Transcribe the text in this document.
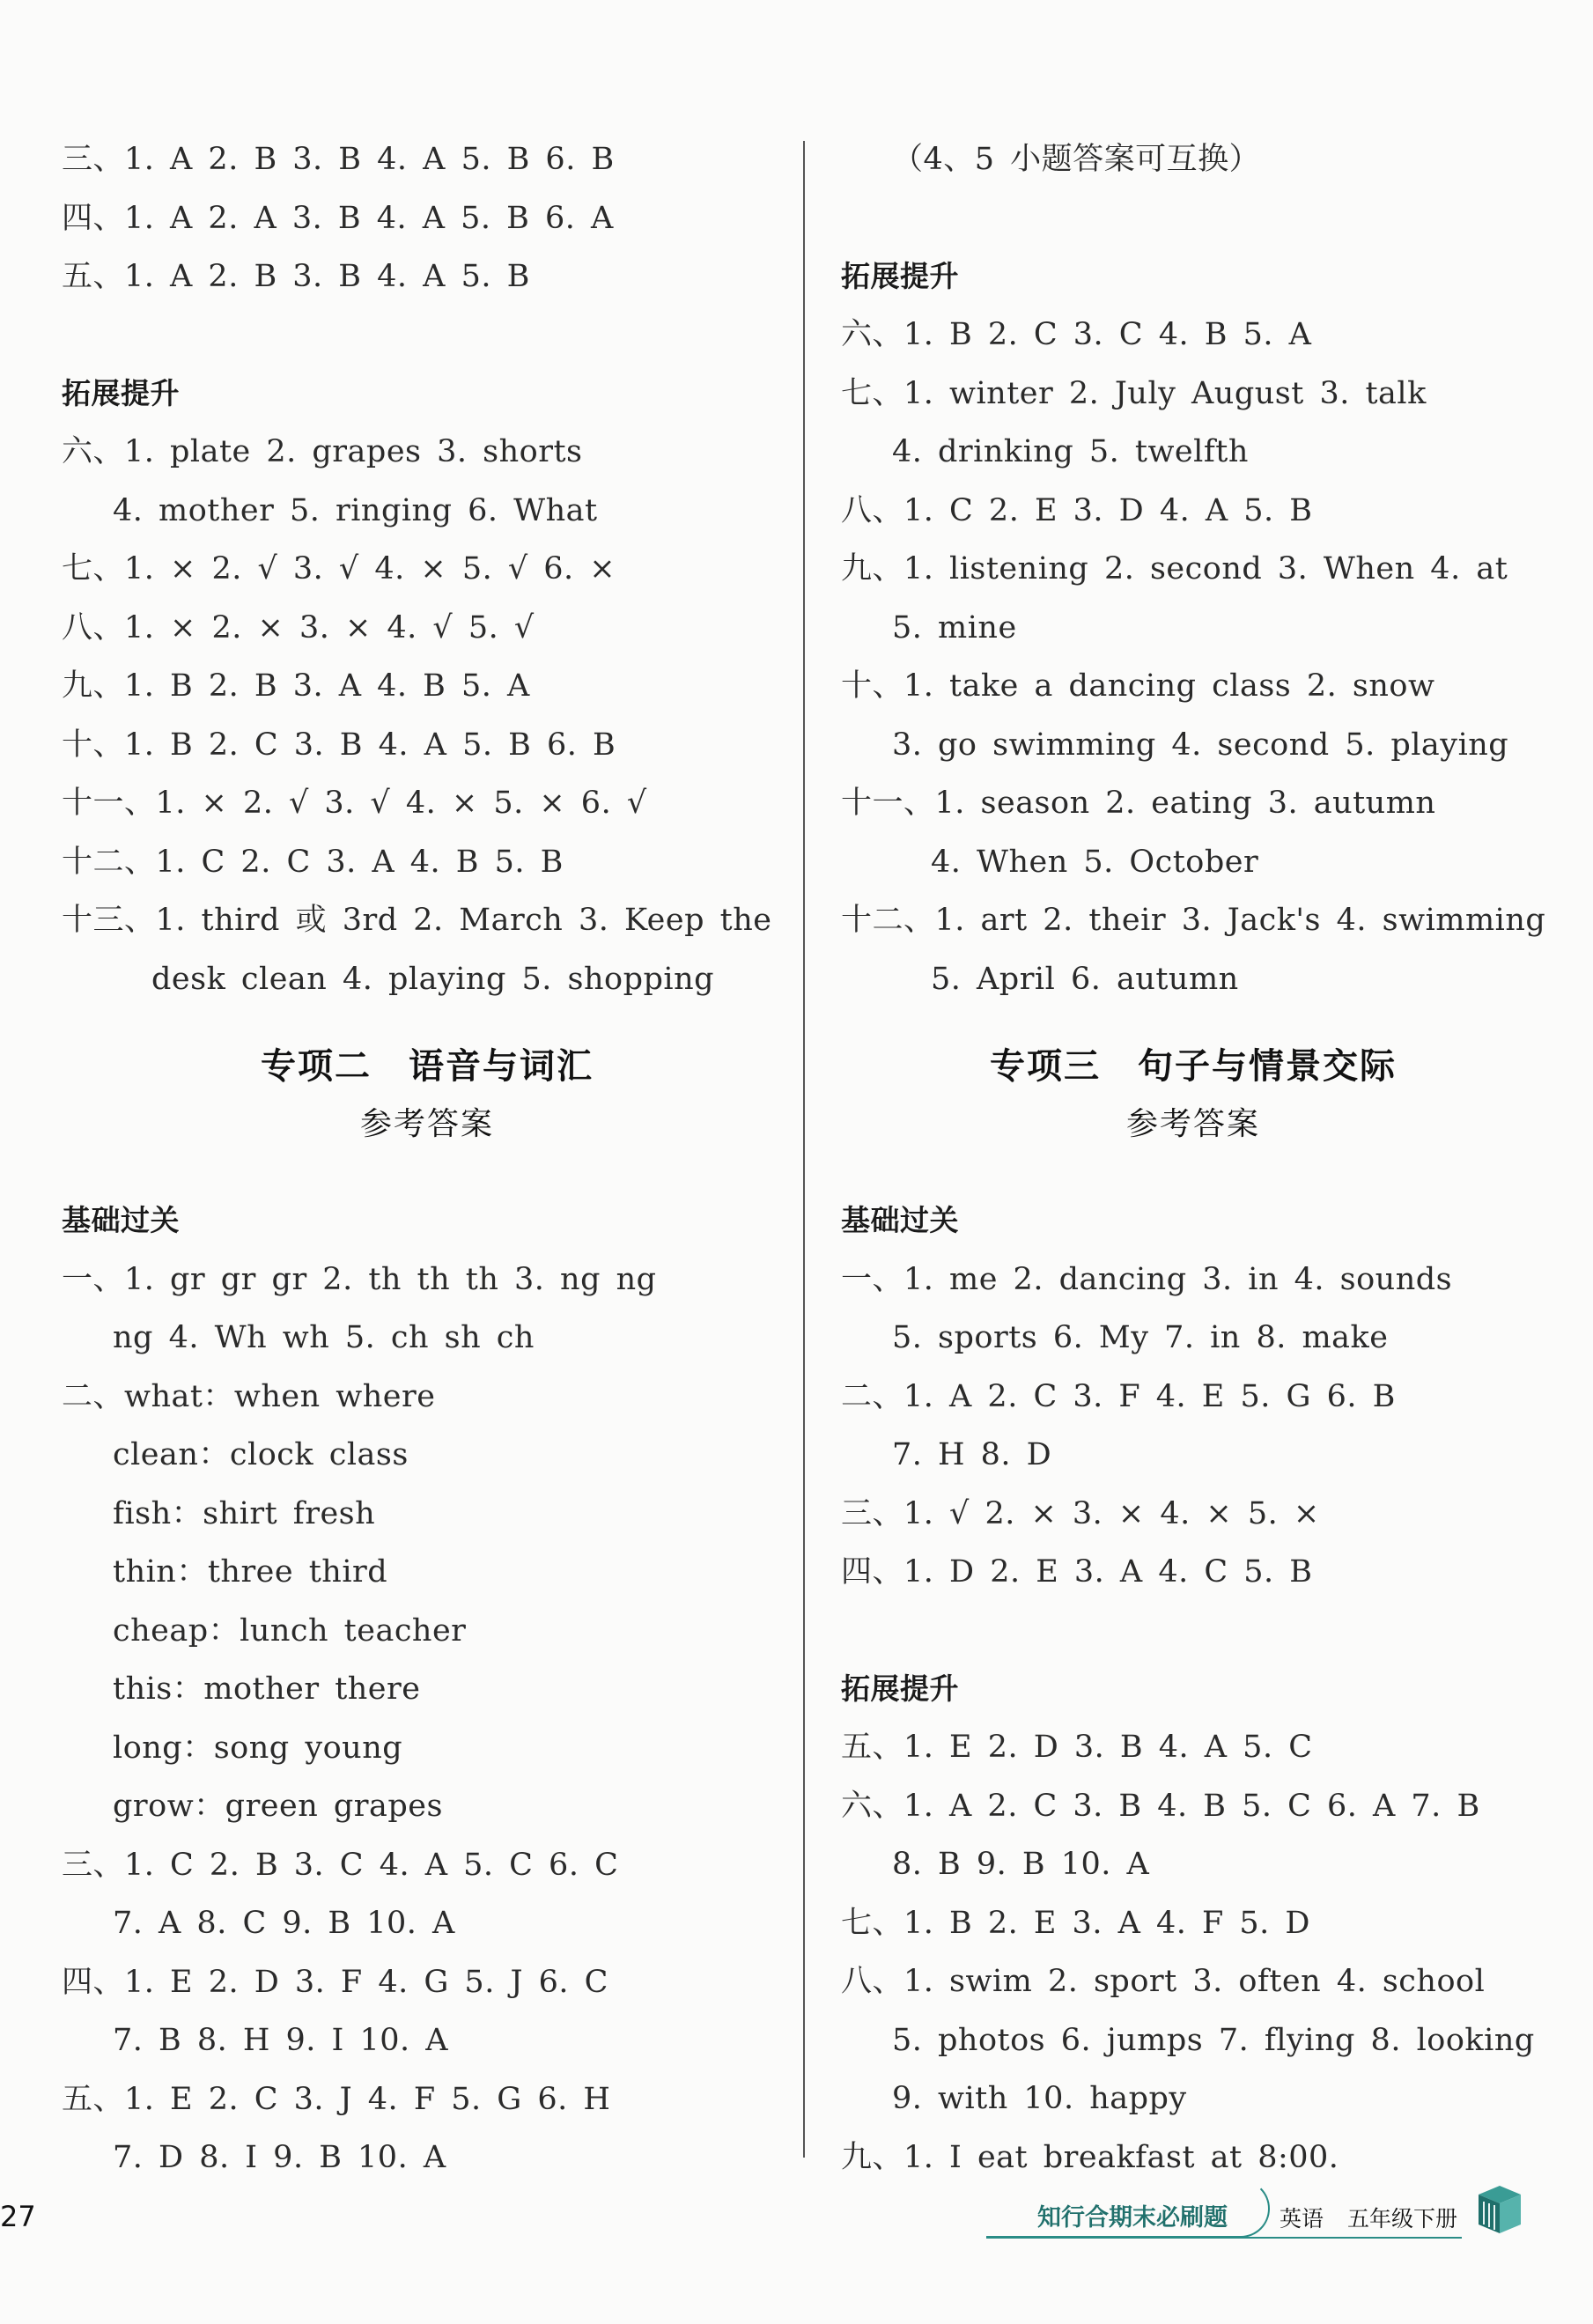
三、1. A 2. B 3. B 4. A 5. B 6. B
四、1. A 2. A 3. B 4. A 5. B 6. A
五、1. A 2. B 3. B 4. A 5. B
拓展提升
六、1. plate 2. grapes 3. shorts
4. mother 5. ringing 6. What
七、1. × 2. √ 3. √ 4. × 5. √ 6. ×
八、1. × 2. × 3. × 4. √ 5. √
九、1. B 2. B 3. A 4. B 5. A
十、1. B 2. C 3. B 4. A 5. B 6. B
十一、1. × 2. √ 3. √ 4. × 5. × 6. √
十二、1. C 2. C 3. A 4. B 5. B
十三、1. third 或 3rd 2. March 3. Keep the
desk clean 4. playing 5. shopping
专项二　语音与词汇
参考答案
基础过关
一、1. gr gr gr 2. th th th 3. ng ng
ng 4. Wh wh 5. ch sh ch
二、what：when where
clean：clock class
fish：shirt fresh
thin：three third
cheap：lunch teacher
this：mother there
long：song young
grow：green grapes
三、1. C 2. B 3. C 4. A 5. C 6. C
7. A 8. C 9. B 10. A
四、1. E 2. D 3. F 4. G 5. J 6. C
7. B 8. H 9. I 10. A
五、1. E 2. C 3. J 4. F 5. G 6. H
7. D 8. I 9. B 10. A
（4、5 小题答案可互换）
拓展提升
六、1. B 2. C 3. C 4. B 5. A
七、1. winter 2. July August 3. talk
4. drinking 5. twelfth
八、1. C 2. E 3. D 4. A 5. B
九、1. listening 2. second 3. When 4. at
5. mine
十、1. take a dancing class 2. snow
3. go swimming 4. second 5. playing
十一、1. season 2. eating 3. autumn
4. When 5. October
十二、1. art 2. their 3. Jack's 4. swimming
5. April 6. autumn
专项三　句子与情景交际
参考答案
基础过关
一、1. me 2. dancing 3. in 4. sounds
5. sports 6. My 7. in 8. make
二、1. A 2. C 3. F 4. E 5. G 6. B
7. H 8. D
三、1. √ 2. × 3. × 4. × 5. ×
四、1. D 2. E 3. A 4. C 5. B
拓展提升
五、1. E 2. D 3. B 4. A 5. C
六、1. A 2. C 3. B 4. B 5. C 6. A 7. B
8. B 9. B 10. A
七、1. B 2. E 3. A 4. F 5. D
八、1. swim 2. sport 3. often 4. school
5. photos 6. jumps 7. flying 8. looking
9. with 10. happy
九、1. I eat breakfast at 8:00.
27	知行合期末必刷题 英语 五年级下册
